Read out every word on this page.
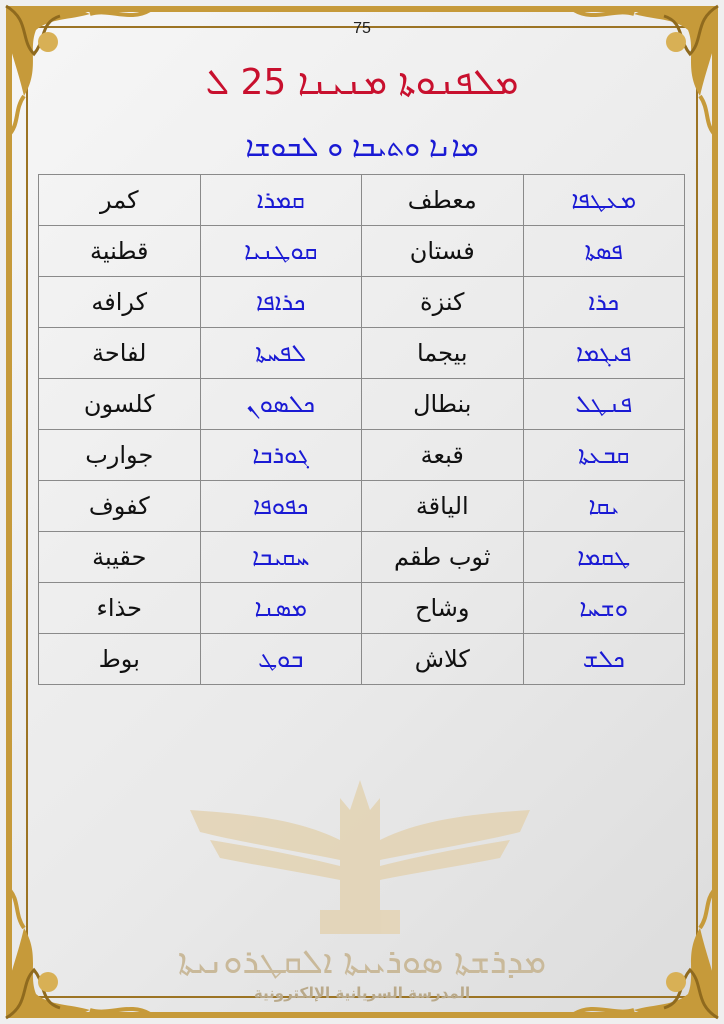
75
ܡܠܦܢܘܬܐ ܡܢܝܢܐ 25 ܠ
ܡܐܢܐ ܘܬܝܒܐ ܘ ܠܒܘܫܐ
كمر	ܩܡܪܐ	معطف	ܡܥܛܦܐ
قطنية	ܩܘܛܢܝܐ	فستان	ܦܣܬܐ
كرافه	ܟܪܐܦܐ	كنزة	ܟܪܐ
لفاحة	ܠܦܚܬܐ	بيجما	ܦܝܓܡܐ
كلسون	ܟܠܣܘܢ	بنطال	ܦܢܛܠ
جوارب	ܓܘܪܒܐ	قبعة	ܩܒܥܬܐ
كفوف	ܟܦܘܦܐ	الياقة	ܝܩܐ
حقيبة	ܚܩܝܒܐ	ثوب طقم	ܛܩܡܐ
حذاء	ܡܣܢܐ	وشاح	ܘܫܚܐ
بوط	ܒܘܛ	كلاش	ܟܠܫ
ܡܕܪܫܬܐ ܣܘܪܝܝܬܐ ܐܠܩܛܪܘܢܝܬܐ
المدرسة السريانية الإلكترونية
